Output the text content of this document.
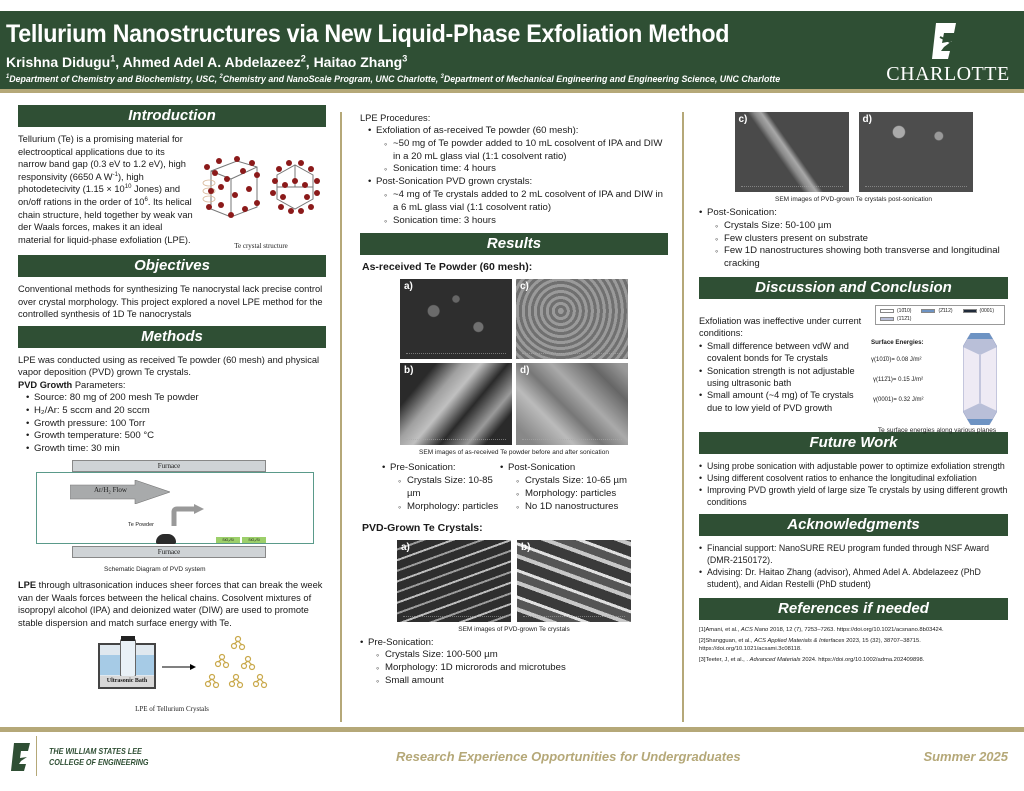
Tellurium Nanostructures via New Liquid-Phase Exfoliation Method
Krishna Didugu$^1$, Ahmed Adel A. Abdelazeez$^2$, Haitao Zhang$^3$
$^1$Department of Chemistry and Biochemistry, USC, $^2$Chemistry and NanoScale Program, UNC Charlotte, $^3$Department of Mechanical Engineering and Engineering Science, UNC Charlotte	CHARLOTTE
Introduction
Tellurium (Te) is a promising material for electrooptical applications due to its narrow band gap (0.3 eV to 1.2 eV), high responsivity (6650 A $W^{-1}$), high photodetecivity ($1.15 \times 10^{10}$ Jones) and on/off rations in the order of $10^6$. Its helical chain structure, held together by weak van der Waals forces, makes it an ideal material for liquid-phase exfoliation (LPE).
Te crystal structure
Objectives
Conventional methods for synthesizing Te nanocrystal lack precise control over crystal morphology. This project explored a novel LPE method for the controlled synthesis of 1D Te nanocrystals
Methods
LPE was conducted using as received Te powder (60 mesh) and physical vapor deposition (PVD) grown Te crystals.
PVD Growth Parameters:
• Source: 80 mg of 200 mesh Te powder
• H₂/Ar: 5 sccm and 20 sccm
• Growth pressure: 100 Torr
• Growth temperature: 500 °C
• Growth time: 30 min
Furnace
Ar/H₂ Flow
Te Powder
SiO₂/Si	SiO₂/Si
Furnace
Schematic Diagram of PVD system
LPE through ultrasonication induces sheer forces that can break the week van der Waals forces between the helical chains. Cosolvent mixtures of isopropyl alcohol (IPA) and deionized water (DIW) are used to promote stable dispersion and match surface energy with Te.
Ultrasonic Bath
LPE of Tellurium Crystals
LPE Procedures:
• Exfoliation of as-received Te powder (60 mesh):
◦ ~50 mg of Te powder added to 10 mL cosolvent of IPA and DIW in a 20 mL glass vial (1:1 cosolvent ratio)
◦ Sonication time: 4 hours
• Post-Sonication PVD grown crystals:
◦ ~4 mg of Te crystals added to 2 mL cosolvent of IPA and DIW in a 6 mL glass vial (1:1 cosolvent ratio)
◦ Sonication time: 3 hours
Results
As-received Te Powder (60 mesh):
a)	c)
b)	d)
SEM images of as-received Te powder before and after sonication
• Pre-Sonication:
◦ Crystals Size: 10-85 µm
◦ Morphology: particles
• Post-Sonication
◦ Crystals Size: 10-65 µm
◦ Morphology: particles
◦ No 1D nanostructures
PVD-Grown Te Crystals:
a)	b)
SEM images of PVD-grown Te crystals
• Pre-Sonication:
◦ Crystals Size: 100-500 µm
◦ Morphology: 1D microrods and microtubes
◦ Small amount
c)	d)
SEM images of PVD-grown Te crystals post-sonication
• Post-Sonication:
◦ Crystals Size: 50-100 µm
◦ Few clusters present on substrate
◦ Few 1D nanostructures showing both transverse and longitudinal cracking
Discussion and Conclusion
Exfoliation was ineffective under current conditions:
• Small difference between vdW and covalent bonds for Te crystals
• Sonication strength is not adjustable using ultrasonic bath
• Small amount (~4 mg) of Te crystals due to low yield of PVD growth
(10̄10)	(2̄112)	(0001)
(1̄12̄1)
Surface Energies:
γ(101̄0)= 0.08 J/m²
γ(112̄1)= 0.15 J/m²
γ(0001)= 0.32 J/m²
Te surface energies along various planes
Future Work
• Using probe sonication with adjustable power to optimize exfoliation strength
• Using different cosolvent ratios to enhance the longitudinal exfoliation
• Improving PVD growth yield of large size Te crystals by using different growth conditions
Acknowledgments
• Financial support: NanoSURE REU program funded through NSF Award (DMR-2150172).
• Advising: Dr. Haitao Zhang (advisor), Ahmed Adel A. Abdelazeez (PhD student), and Aidan Restelli (PhD student)
References if needed
[1]Amani, et al., ACS Nano 2018, 12 (7), 7253–7263. https://doi.org/10.1021/acsnano.8b03424.
[2]Shangguan, et al., ACS Applied Materials & Interfaces 2023, 15 (32), 38707–38715. https://doi.org/10.1021/acsami.3c08118.
[3]Teeter, J, et al., . Advanced Materials 2024. https://doi.org/10.1002/adma.202409898.
THE WILLIAM STATES LEE
COLLEGE OF ENGINEERING	Research Experience Opportunities for Undergraduates	Summer 2025
